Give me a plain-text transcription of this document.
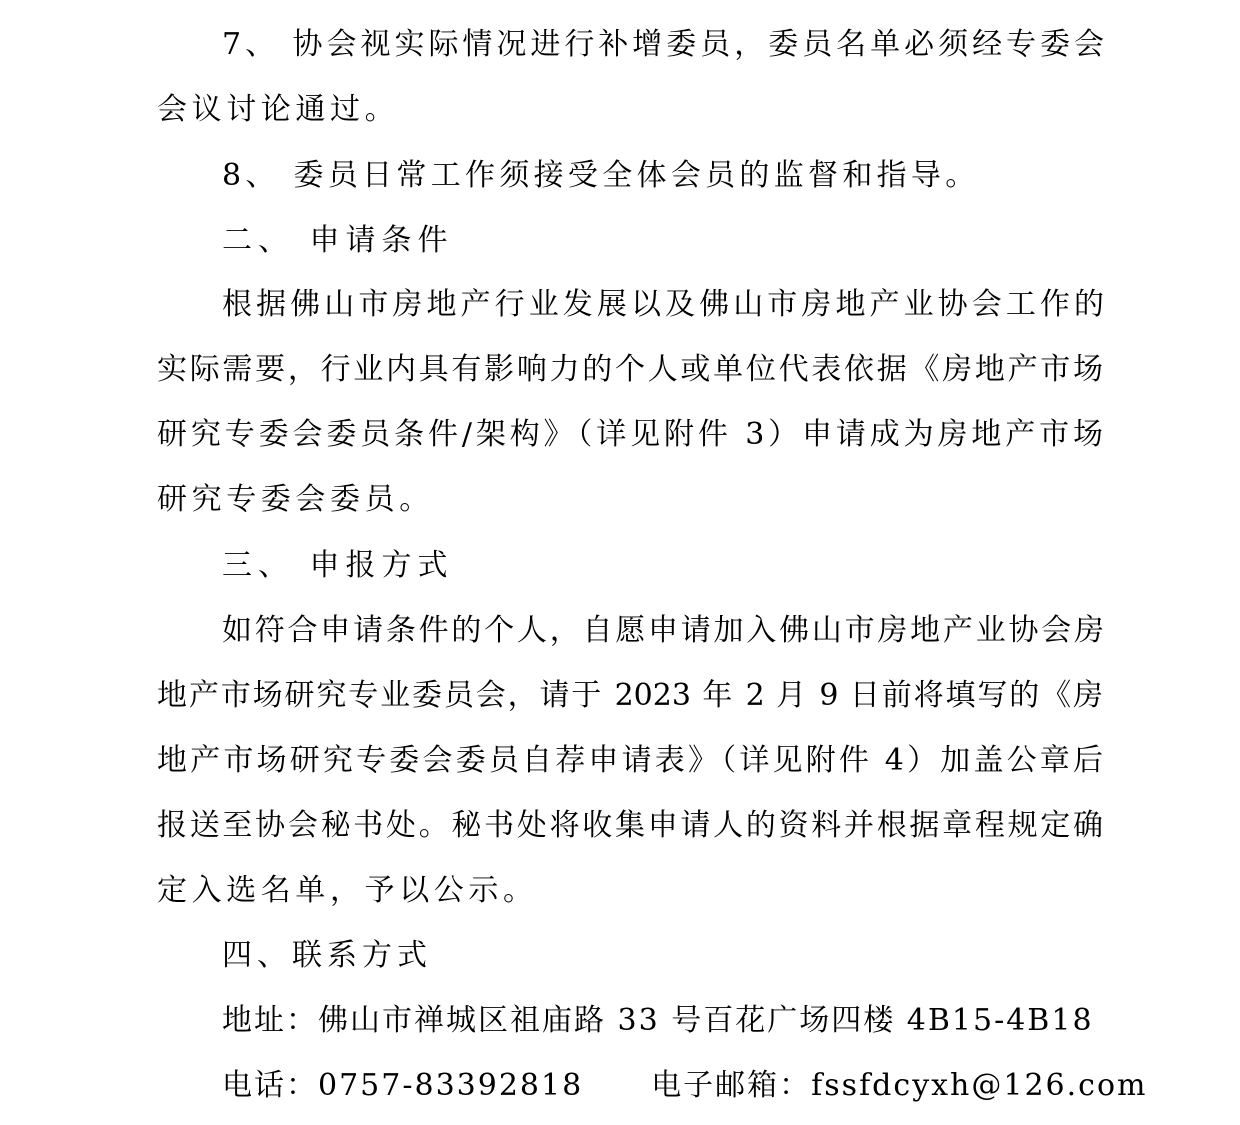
7、 协会视实际情况进行补增委员，委员名单必须经专委会
会议讨论通过。
8、 委员日常工作须接受全体会员的监督和指导。
二、 申请条件
根据佛山市房地产行业发展以及佛山市房地产业协会工作的
实际需要，行业内具有影响力的个人或单位代表依据《房地产市场
研究专委会委员条件/架构》（详见附件 3）申请成为房地产市场
研究专委会委员。
三、 申报方式
如符合申请条件的个人，自愿申请加入佛山市房地产业协会房
地产市场研究专业委员会，请于 2023 年 2 月 9 日前将填写的《房
地产市场研究专委会委员自荐申请表》（详见附件 4）加盖公章后
报送至协会秘书处。秘书处将收集申请人的资料并根据章程规定确
定入选名单，予以公示。
四、联系方式
地址：佛山市禅城区祖庙路 33 号百花广场四楼 4B15-4B18
电话：0757-83392818 电子邮箱：fssfdcyxh@126.com
